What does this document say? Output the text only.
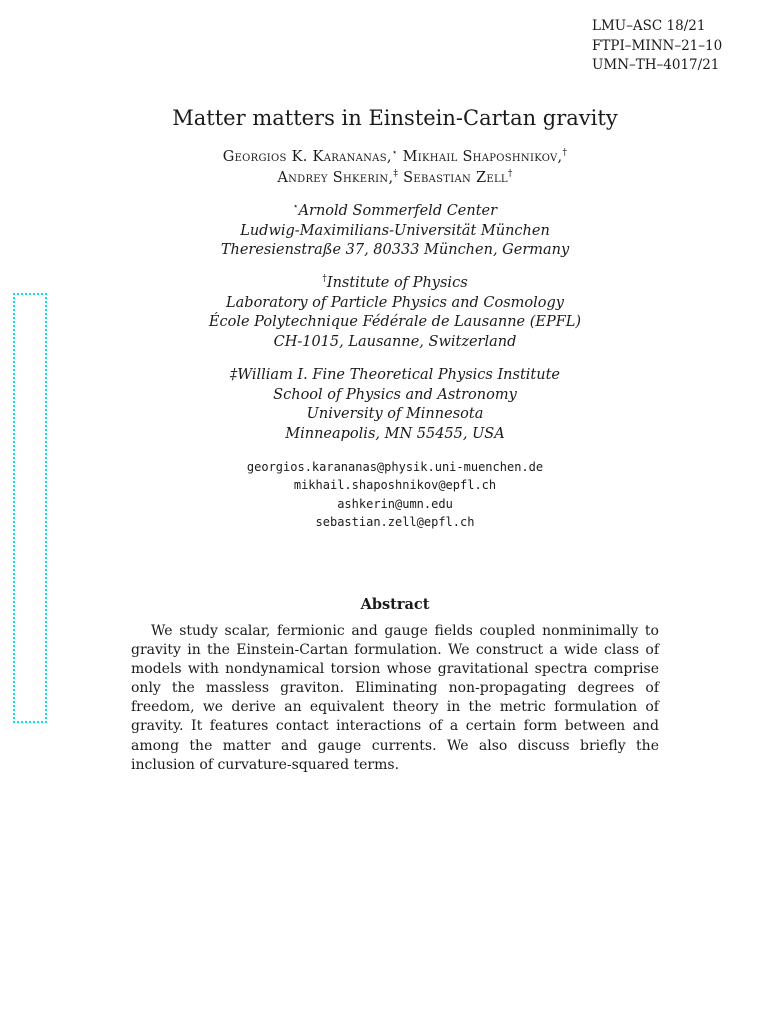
LMU–ASC 18/21
FTPI–MINN–21–10
UMN–TH–4017/21
Matter matters in Einstein-Cartan gravity
Georgios K. Karananas,⋆ Mikhail Shaposhnikov,†
Andrey Shkerin,‡ Sebastian Zell†
⋆Arnold Sommerfeld Center
Ludwig-Maximilians-Universität München
Theresienstraße 37, 80333 München, Germany
†Institute of Physics
Laboratory of Particle Physics and Cosmology
École Polytechnique Fédérale de Lausanne (EPFL)
CH-1015, Lausanne, Switzerland
‡William I. Fine Theoretical Physics Institute
School of Physics and Astronomy
University of Minnesota
Minneapolis, MN 55455, USA
georgios.karananas@physik.uni-muenchen.de
mikhail.shaposhnikov@epfl.ch
ashkerin@umn.edu
sebastian.zell@epfl.ch
Abstract
We study scalar, fermionic and gauge fields coupled nonminimally to gravity in the Einstein-Cartan formulation. We construct a wide class of models with nondynamical torsion whose gravitational spectra comprise only the massless graviton. Eliminating non-propagating degrees of freedom, we derive an equivalent theory in the metric formulation of gravity. It features contact interactions of a certain form between and among the matter and gauge currents. We also discuss briefly the inclusion of curvature-squared terms.
